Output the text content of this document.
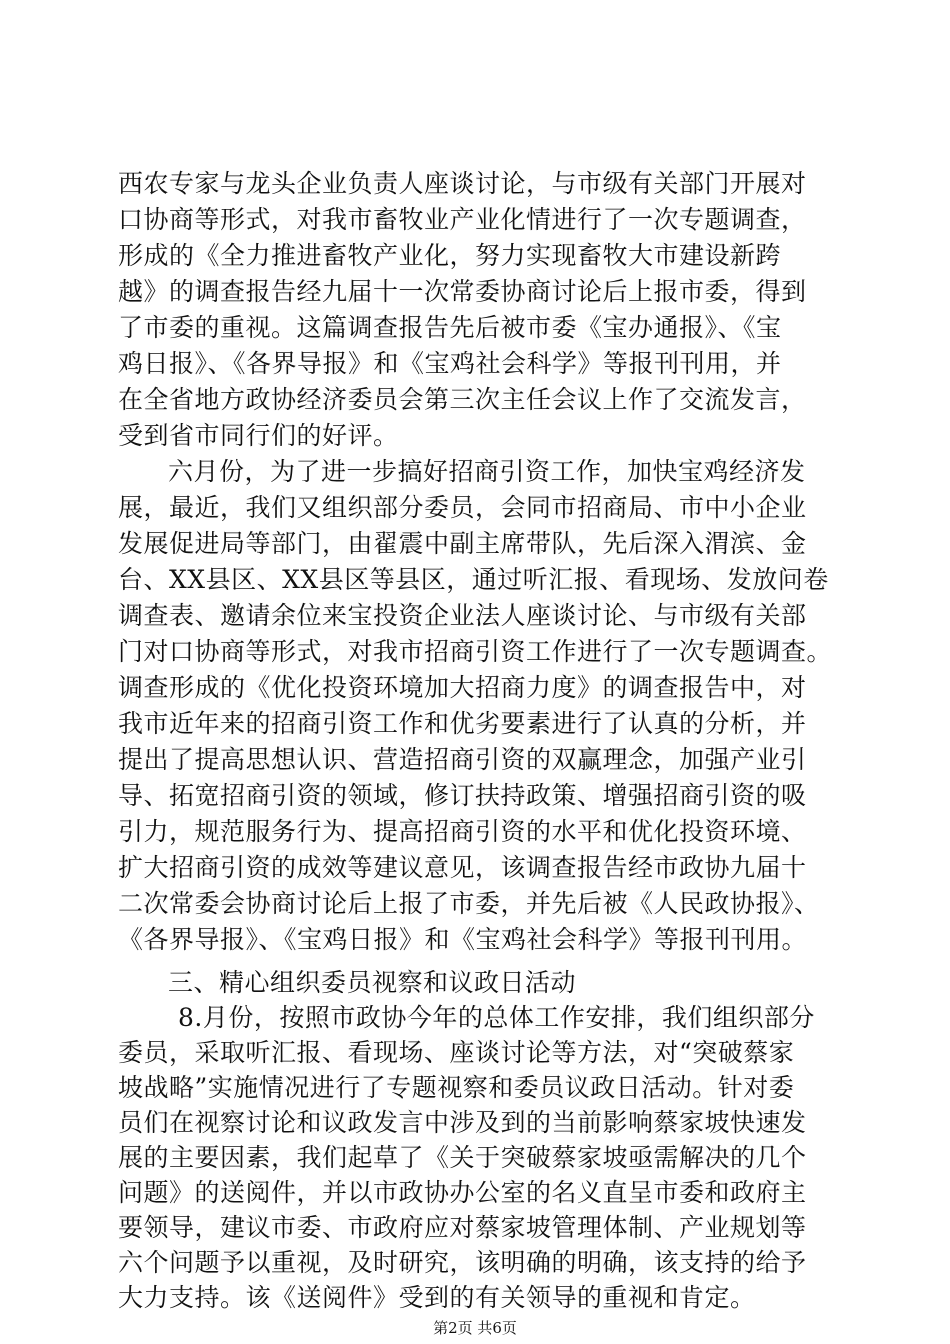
西农专家与龙头企业负责人座谈讨论，与市级有关部门开展对
口协商等形式，对我市畜牧业产业化情进行了一次专题调查，
形成的《全力推进畜牧产业化，努力实现畜牧大市建设新跨
越》的调查报告经九届十一次常委协商讨论后上报市委，得到
了市委的重视。这篇调查报告先后被市委《宝办通报》、《宝
鸡日报》、《各界导报》和《宝鸡社会科学》等报刊刊用，并
在全省地方政协经济委员会第三次主任会议上作了交流发言，
受到省市同行们的好评。
六月份，为了进一步搞好招商引资工作，加快宝鸡经济发
展，最近，我们又组织部分委员，会同市招商局、市中小企业
发展促进局等部门，由翟震中副主席带队，先后深入渭滨、金
台、XX县区、XX县区等县区，通过听汇报、看现场、发放问卷
调查表、邀请余位来宝投资企业法人座谈讨论、与市级有关部
门对口协商等形式，对我市招商引资工作进行了一次专题调查。
调查形成的《优化投资环境加大招商力度》的调查报告中，对
我市近年来的招商引资工作和优劣要素进行了认真的分析，并
提出了提高思想认识、营造招商引资的双赢理念，加强产业引
导、拓宽招商引资的领域，修订扶持政策、增强招商引资的吸
引力，规范服务行为、提高招商引资的水平和优化投资环境、
扩大招商引资的成效等建议意见，该调查报告经市政协九届十
二次常委会协商讨论后上报了市委，并先后被《人民政协报》、
《各界导报》、《宝鸡日报》和《宝鸡社会科学》等报刊刊用。
三、精心组织委员视察和议政日活动
8.月份，按照市政协今年的总体工作安排，我们组织部分
委员，采取听汇报、看现场、座谈讨论等方法，对“突破蔡家
坡战略”实施情况进行了专题视察和委员议政日活动。针对委
员们在视察讨论和议政发言中涉及到的当前影响蔡家坡快速发
展的主要因素，我们起草了《关于突破蔡家坡亟需解决的几个
问题》的送阅件，并以市政协办公室的名义直呈市委和政府主
要领导，建议市委、市政府应对蔡家坡管理体制、产业规划等
六个问题予以重视，及时研究，该明确的明确，该支持的给予
大力支持。该《送阅件》受到的有关领导的重视和肯定。
第2页 共6页
